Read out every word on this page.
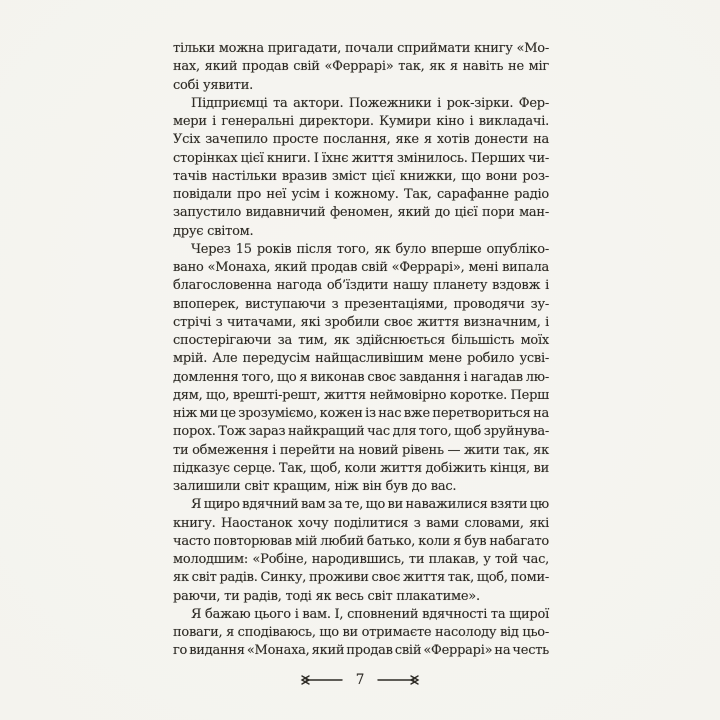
тільки можна пригадати, почали сприймати книгу «Мо-
нах, який продав свій «Феррарі» так, як я навіть не міг
собі уявити.
Підприємці та актори. Пожежники і рок-зірки. Фер-
мери і генеральні директори. Кумири кіно і викладачі.
Усіх зачепило просте послання, яке я хотів донести на
сторінках цієї книги. І їхнє життя змінилось. Перших чи-
тачів настільки вразив зміст цієї книжки, що вони роз-
повідали про неї усім і кожному. Так, сарафанне радіо
запустило видавничий феномен, який до цієї пори ман-
друє світом.
Через 15 років після того, як було вперше опубліко-
вано «Монаха, який продав свій «Феррарі», мені випала
благословенна нагода об’їздити нашу планету вздовж і
впоперек, виступаючи з презентаціями, проводячи зу-
стрічі з читачами, які зробили своє життя визначним, і
спостерігаючи за тим, як здійснюється більшість моїх
мрій. Але передусім найщасливішим мене робило усві-
домлення того, що я виконав своє завдання і нагадав лю-
дям, що, врешті-решт, життя неймовірно коротке. Перш
ніж ми це зрозуміємо, кожен із нас вже перетвориться на
порох. Тож зараз найкращий час для того, щоб зруйнува-
ти обмеження і перейти на новий рівень — жити так, як
підказує серце. Так, щоб, коли життя добіжить кінця, ви
залишили світ кращим, ніж він був до вас.
Я щиро вдячний вам за те, що ви наважилися взяти цю
книгу. Наостанок хочу поділитися з вами словами, які
часто повторював мій любий батько, коли я був набагато
молодшим: «Робіне, народившись, ти плакав, у той час,
як світ радів. Синку, проживи своє життя так, щоб, поми-
раючи, ти радів, тоді як весь світ плакатиме».
Я бажаю цього і вам. І, сповнений вдячності та щирої
поваги, я сподіваюсь, що ви отримаєте насолоду від цьо-
го видання «Монаха, який продав свій «Феррарі» на честь
7
